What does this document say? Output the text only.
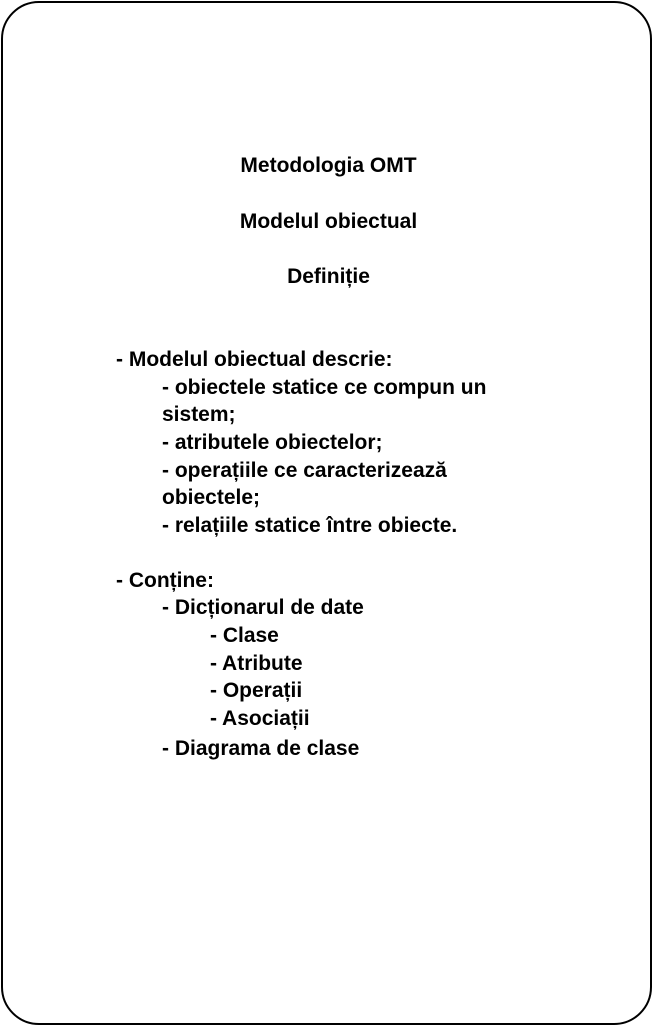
Metodologia OMT
Modelul obiectual
Definiție
- Modelul obiectual descrie:
- obiectele statice ce compun un
sistem;
- atributele obiectelor;
- operațiile ce caracterizează
obiectele;
- relațiile statice între obiecte.
- Conține:
- Dicționarul de date
- Clase
- Atribute
- Operații
- Asociații
- Diagrama de clase
